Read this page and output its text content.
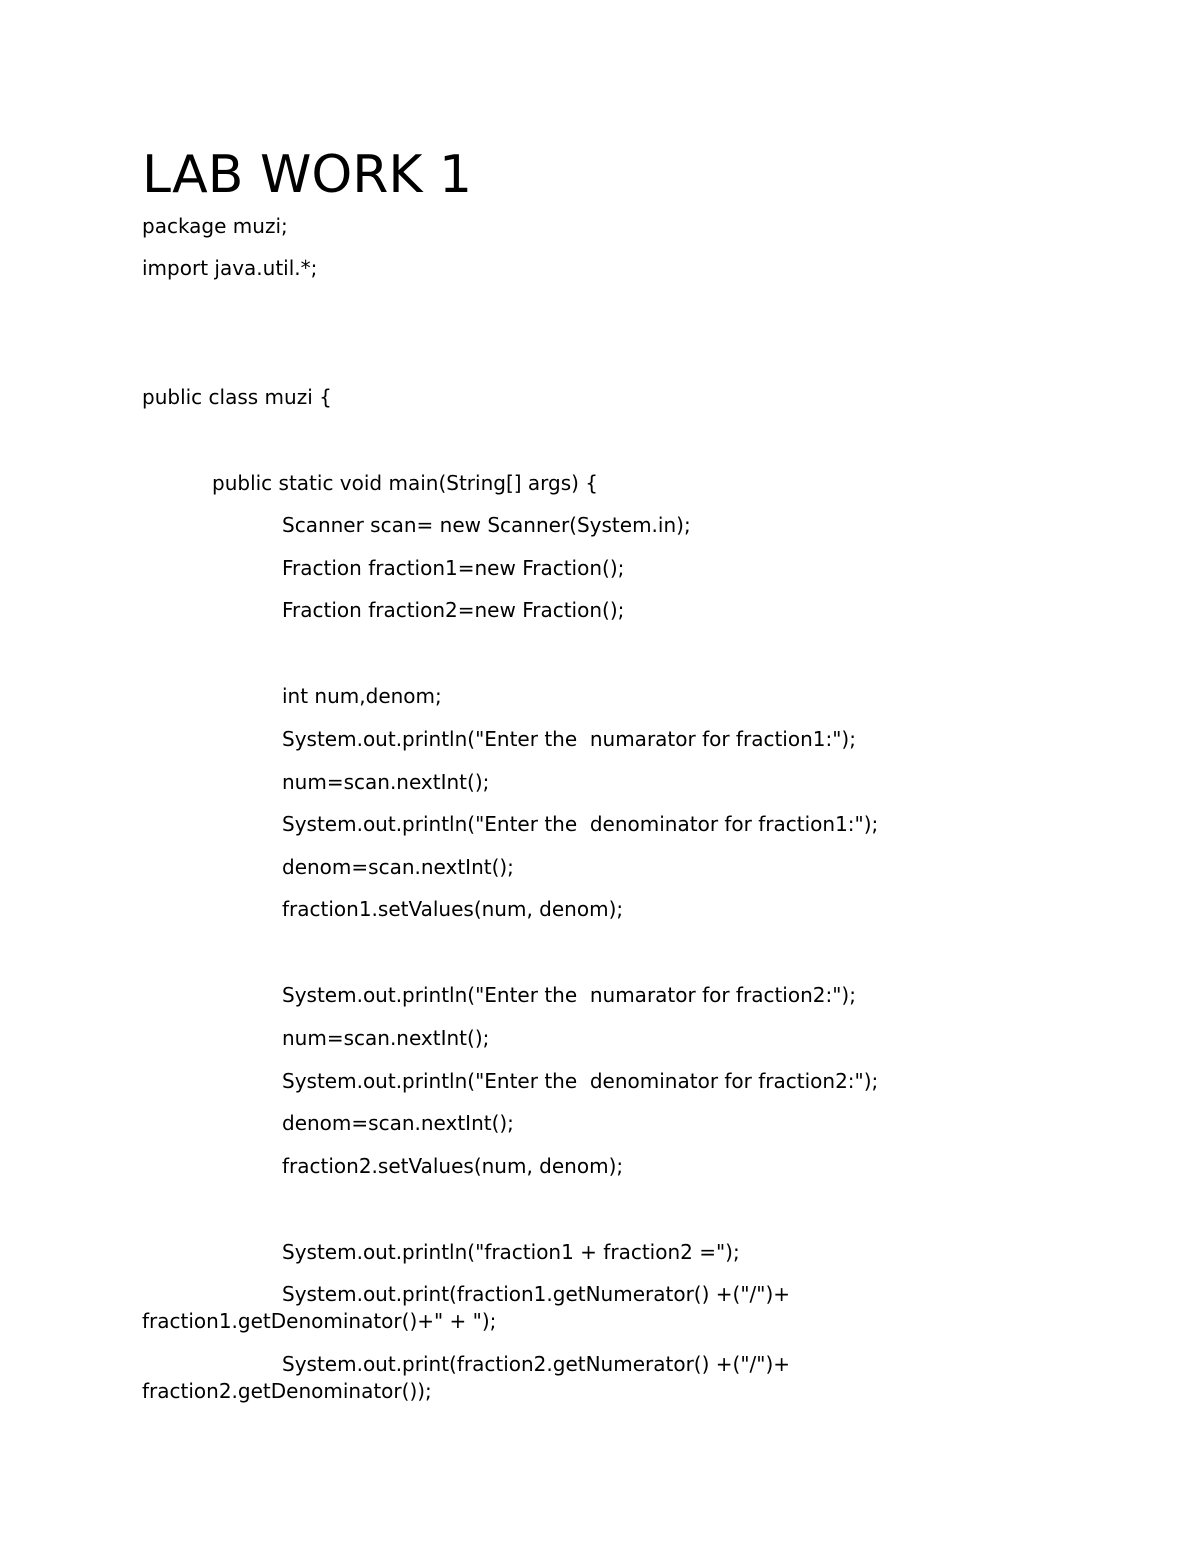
LAB WORK 1
package muzi;
import java.util.*;
public class muzi {
public static void main(String[] args) {
Scanner scan= new Scanner(System.in);
Fraction fraction1=new Fraction();
Fraction fraction2=new Fraction();
int num,denom;
System.out.println("Enter the  numarator for fraction1:");
num=scan.nextInt();
System.out.println("Enter the  denominator for fraction1:");
denom=scan.nextInt();
fraction1.setValues(num, denom);
System.out.println("Enter the  numarator for fraction2:");
num=scan.nextInt();
System.out.println("Enter the  denominator for fraction2:");
denom=scan.nextInt();
fraction2.setValues(num, denom);
System.out.println("fraction1 + fraction2 =");
System.out.print(fraction1.getNumerator() +("/")+
fraction1.getDenominator()+" + ");
System.out.print(fraction2.getNumerator() +("/")+
fraction2.getDenominator());
